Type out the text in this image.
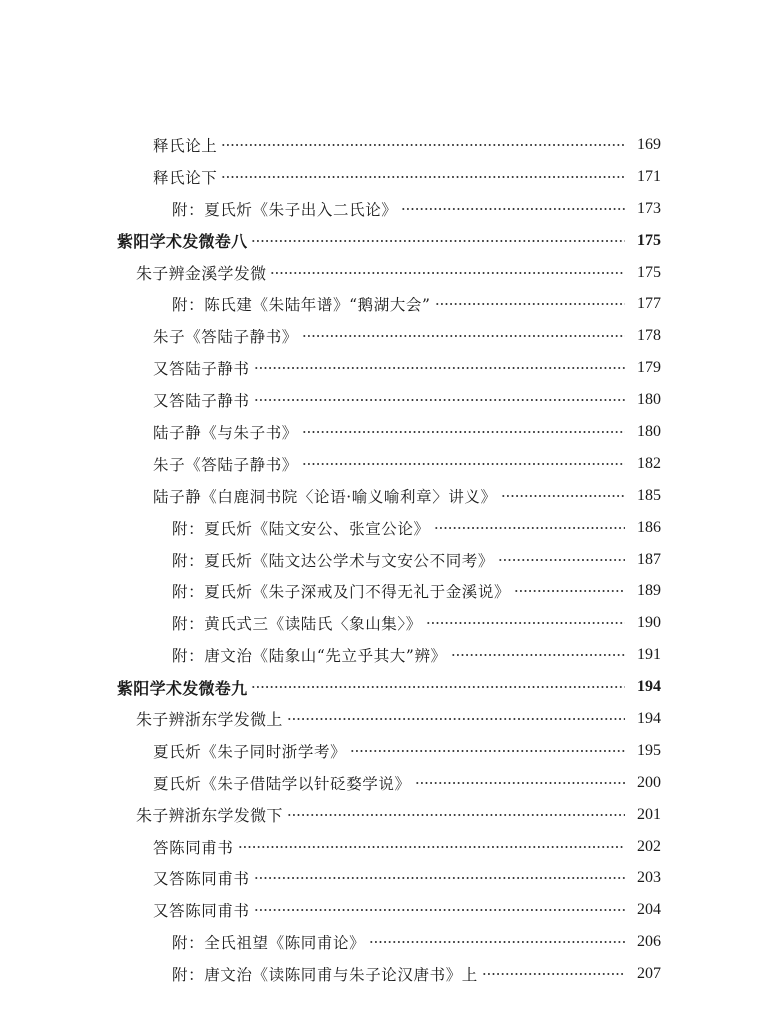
释氏论上	169
释氏论下	171
附：夏氏炘《朱子出入二氏论》	173
紫阳学术发微卷八	175
朱子辨金溪学发微	175
附：陈氏建《朱陆年谱》“鹅湖大会”	177
朱子《答陆子静书》	178
又答陆子静书	179
又答陆子静书	180
陆子静《与朱子书》	180
朱子《答陆子静书》	182
陆子静《白鹿洞书院〈论语·喻义喻利章〉讲义》	185
附：夏氏炘《陆文安公、张宣公论》	186
附：夏氏炘《陆文达公学术与文安公不同考》	187
附：夏氏炘《朱子深戒及门不得无礼于金溪说》	189
附：黄氏式三《读陆氏〈象山集〉》	190
附：唐文治《陆象山“先立乎其大”辨》	191
紫阳学术发微卷九	194
朱子辨浙东学发微上	194
夏氏炘《朱子同时浙学考》	195
夏氏炘《朱子借陆学以针砭婺学说》	200
朱子辨浙东学发微下	201
答陈同甫书	202
又答陈同甫书	203
又答陈同甫书	204
附：全氏祖望《陈同甫论》	206
附：唐文治《读陈同甫与朱子论汉唐书》上	207
